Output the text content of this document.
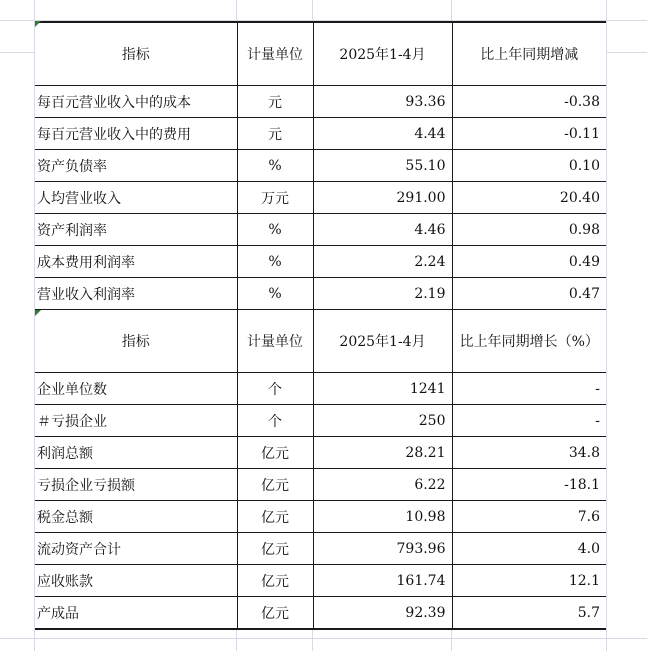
指标	计量单位	2025年1-4月	比上年同期增减
每百元营业收入中的成本	元	93.36	-0.38
每百元营业收入中的费用	元	4.44	-0.11
资产负债率	%	55.10	0.10
人均营业收入	万元	291.00	20.40
资产利润率	%	4.46	0.98
成本费用利润率	%	2.24	0.49
营业收入利润率	%	2.19	0.47
指标	计量单位	2025年1-4月	比上年同期增长（%）
企业单位数	个	1241	-
＃亏损企业	个	250	-
利润总额	亿元	28.21	34.8
亏损企业亏损额	亿元	6.22	-18.1
税金总额	亿元	10.98	7.6
流动资产合计	亿元	793.96	4.0
应收账款	亿元	161.74	12.1
产成品	亿元	92.39	5.7
